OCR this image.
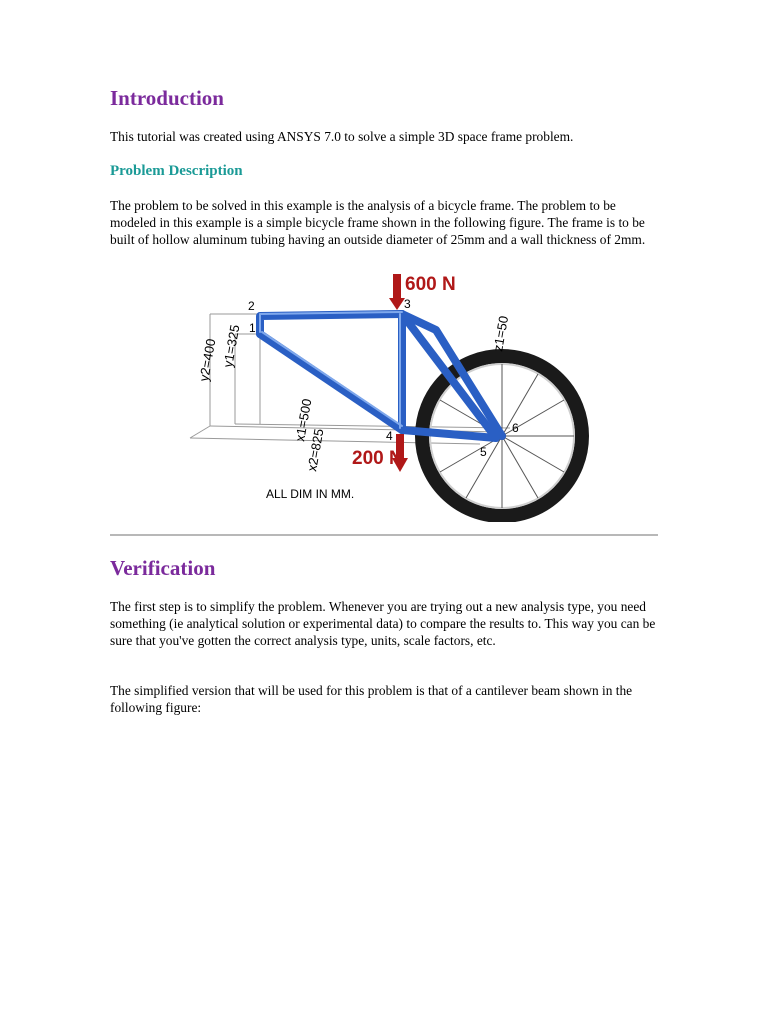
Introduction

This tutorial was created using ANSYS 7.0 to solve a simple 3D space frame problem.

Problem Description

The problem to be solved in this example is the analysis of a bicycle frame. The problem to be modeled in this example is a simple bicycle frame shown in the following figure. The frame is to be built of hollow aluminum tubing having an outside diameter of 25mm and a wall thickness of 2mm.

600 N
200 N
1
2	3
4
5
6
y2=400 y1=325
x1=500
x2=825
z1=50
ALL DIM IN MM.
Verification

The first step is to simplify the problem. Whenever you are trying out a new analysis type, you need something (ie analytical solution or experimental data) to compare the results to. This way you can be sure that you've gotten the correct analysis type, units, scale factors, etc.

The simplified version that will be used for this problem is that of a cantilever beam shown in the following figure:
